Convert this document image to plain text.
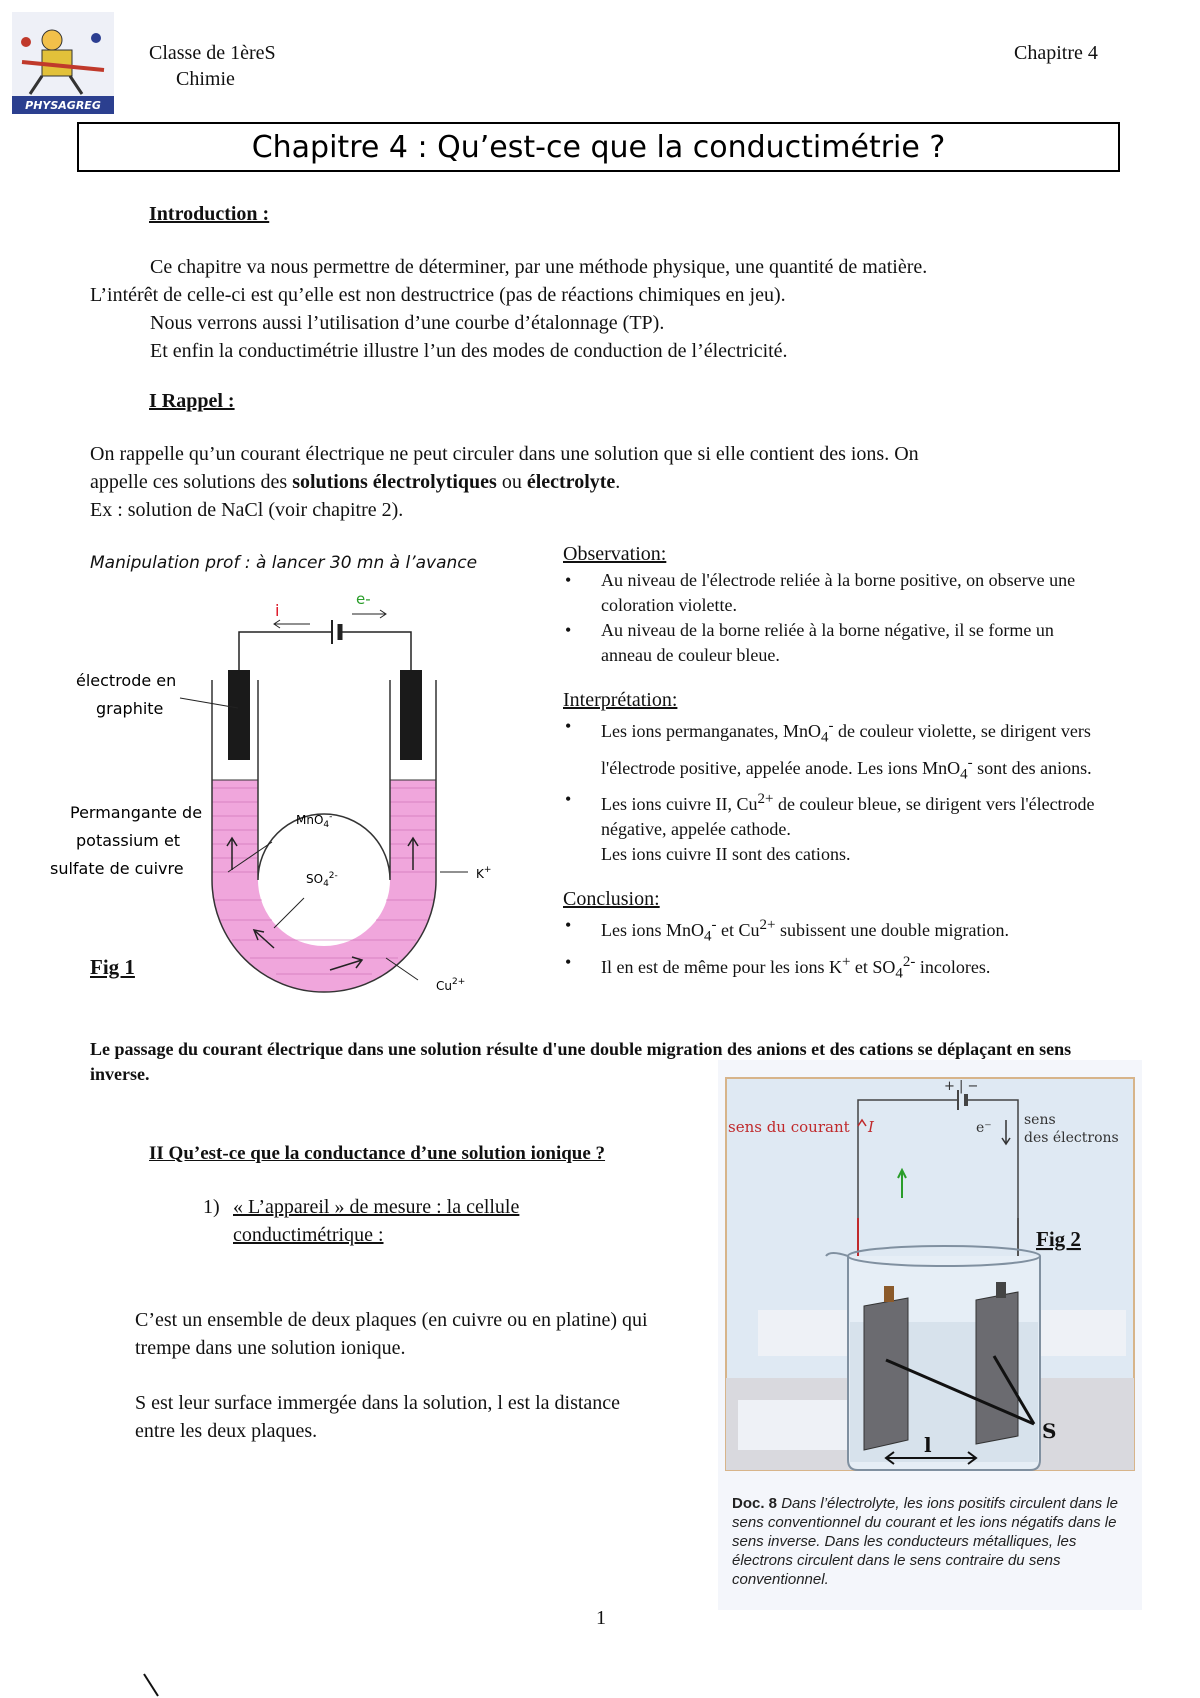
PHYSAGREG
Classe de 1èreS
Chimie
Chapitre 4
Chapitre 4 : Qu’est-ce que la conductimétrie ?
Introduction :
Ce chapitre va nous permettre de déterminer, par une méthode physique, une quantité de matière.
L’intérêt de celle-ci est qu’elle est non destructrice (pas de réactions chimiques en jeu).
Nous verrons aussi l’utilisation d’une courbe d’étalonnage (TP).
Et enfin la conductimétrie illustre l’un des modes de conduction de l’électricité.
I Rappel :
On rappelle qu’un courant électrique ne peut circuler dans une solution que si elle contient des ions. On
appelle ces solutions des solutions électrolytiques ou électrolyte.
Ex : solution de NaCl (voir chapitre 2).
Manipulation prof : à lancer 30 mn à l’avance
i
e-
électrode en
graphite
Permangante de
potassium et
sulfate de cuivre
MnO$_4$-
$SO_4^{2-}$	K+
$Cu^{2+}$
Fig 1
Observation:
• Au niveau de l'électrode reliée à la borne positive, on observe une coloration violette.
• Au niveau de la borne reliée à la borne négative, il se forme un anneau de couleur bleue.
Interprétation:
• Les ions permanganates, MnO$_4$- de couleur violette, se dirigent vers l'électrode positive, appelée anode. Les ions MnO$_4$- sont des anions.
• Les ions cuivre II, $Cu^{2+}$ de couleur bleue, se dirigent vers l'électrode négative, appelée cathode.
Les ions cuivre II sont des cations.
Conclusion:
• Les ions MnO$_4$- et $Cu^{2+}$ subissent une double migration.
• Il en est de même pour les ions K+ et $SO_4^{2-}$ incolores.
Le passage du courant électrique dans une solution résulte d'une double migration des anions et des cations se déplaçant en sens inverse.
II Qu’est-ce que la conductance d’une solution ionique ?
1) « L’appareil » de mesure : la cellule
conductimétrique :
C’est un ensemble de deux plaques (en cuivre ou en platine) qui trempe dans une solution ionique.
S est leur surface immergée dans la solution, l est la distance entre les deux plaques.
+ | −
sens du courant I	e⁻ sens
des électrons
S
l
Fig 2
Doc. 8 Dans l’électrolyte, les ions positifs circulent dans le sens conventionnel du courant et les ions négatifs dans le sens inverse. Dans les conducteurs métalliques, les électrons circulent dans le sens contraire du sens conventionnel.
1
